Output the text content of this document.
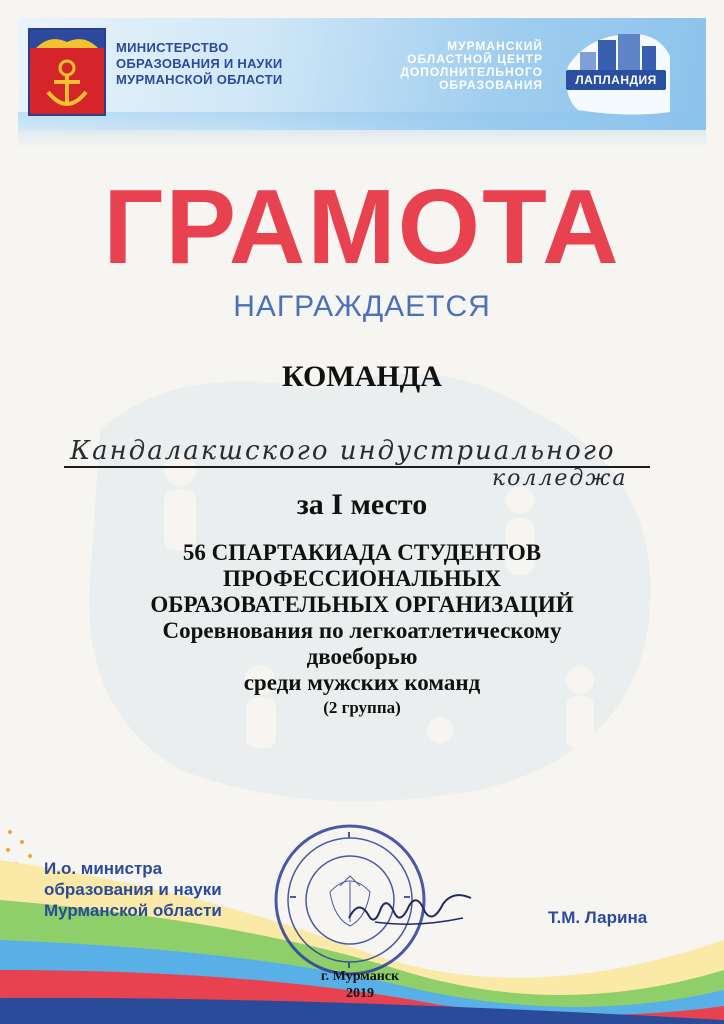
МИНИСТЕРСТВО
ОБРАЗОВАНИЯ И НАУКИ
МУРМАНСКОЙ ОБЛАСТИ
МУРМАНСКИЙ
ОБЛАСТНОЙ ЦЕНТР
ДОПОЛНИТЕЛЬНОГО
ОБРАЗОВАНИЯ	ЛАПЛАНДИЯ
ГРАМОТА
НАГРАЖДАЕТСЯ
КОМАНДА
Кандалакшского индустриального
колледжа
за I место
56 СПАРТАКИАДА СТУДЕНТОВ
ПРОФЕССИОНАЛЬНЫХ
ОБРАЗОВАТЕЛЬНЫХ ОРГАНИЗАЦИЙ
Соревнования по легкоатлетическому
двоеборью
среди мужских команд
(2 группа)
И.о. министра
образования и науки
Мурманской области	Т.М. Ларина
г. Мурманск
2019
